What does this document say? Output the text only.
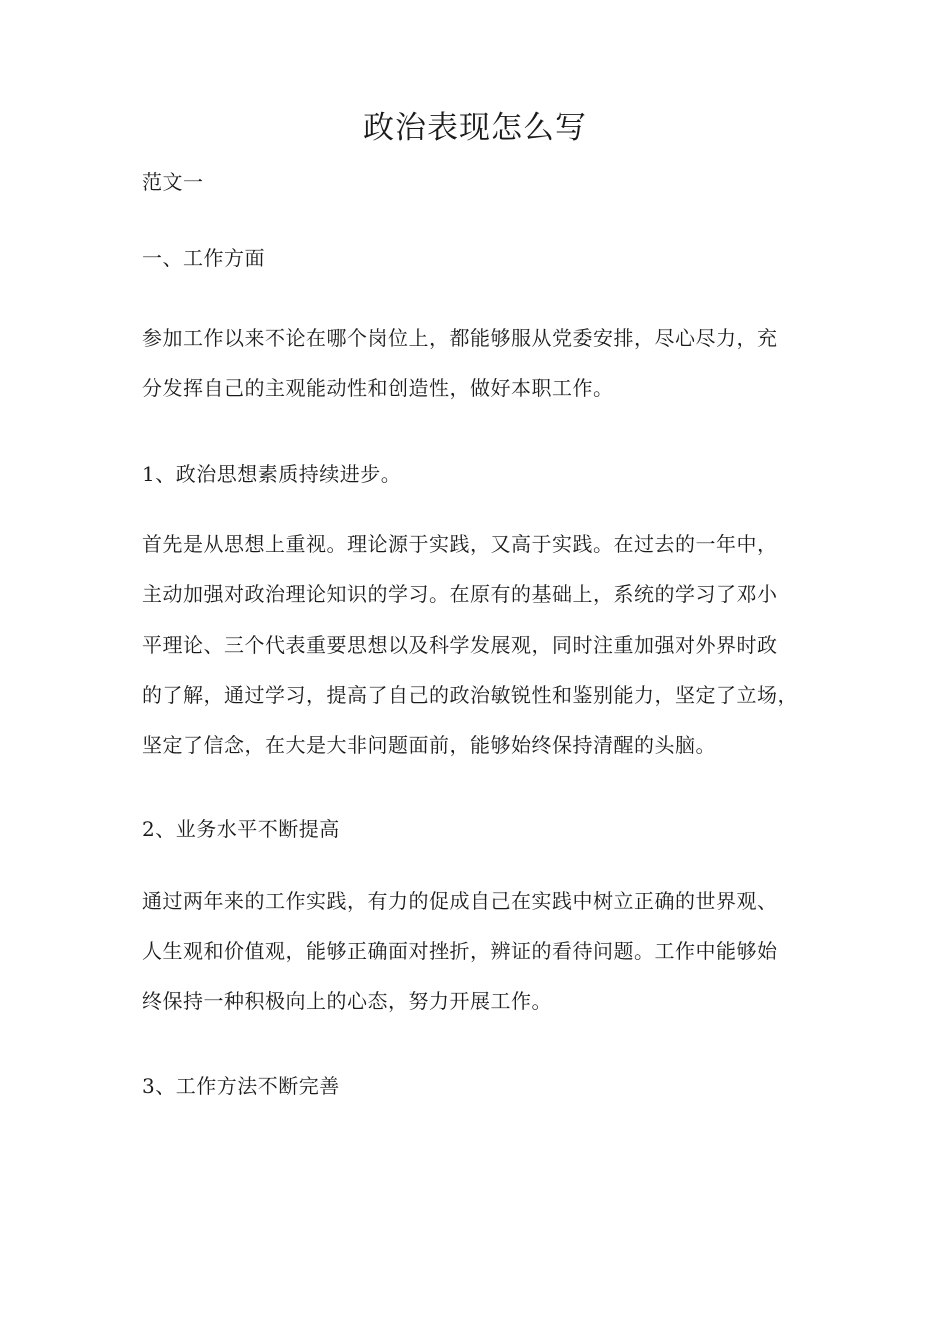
政治表现怎么写
范文一
一、工作方面
参加工作以来不论在哪个岗位上，都能够服从党委安排，尽心尽力，充
分发挥自己的主观能动性和创造性，做好本职工作。
1、政治思想素质持续进步。
首先是从思想上重视。理论源于实践，又高于实践。在过去的一年中，
主动加强对政治理论知识的学习。在原有的基础上，系统的学习了邓小
平理论、三个代表重要思想以及科学发展观，同时注重加强对外界时政
的了解，通过学习，提高了自己的政治敏锐性和鉴别能力，坚定了立场，
坚定了信念，在大是大非问题面前，能够始终保持清醒的头脑。
2、业务水平不断提高
通过两年来的工作实践，有力的促成自己在实践中树立正确的世界观、
人生观和价值观，能够正确面对挫折，辨证的看待问题。工作中能够始
终保持一种积极向上的心态，努力开展工作。
3、工作方法不断完善
